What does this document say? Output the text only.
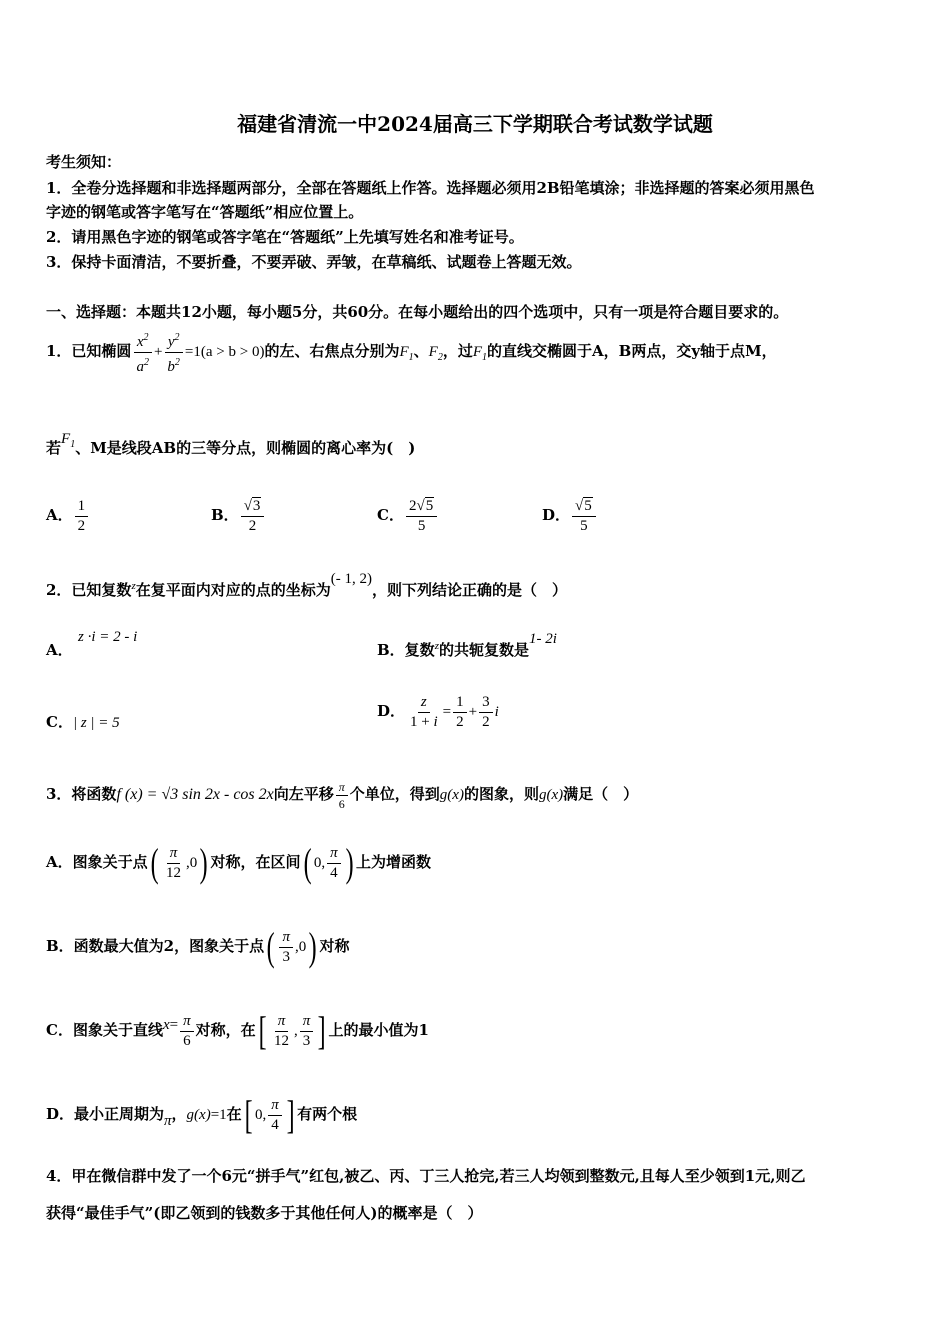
福建省清流一中2024届高三下学期联合考试数学试题
考生须知：
1．全卷分选择题和非选择题两部分，全部在答题纸上作答。选择题必须用2B铅笔填涂；非选择题的答案必须用黑色
字迹的钢笔或答字笔写在“答题纸”相应位置上。
2．请用黑色字迹的钢笔或答字笔在“答题纸”上先填写姓名和准考证号。
3．保持卡面清洁，不要折叠，不要弄破、弄皱，在草稿纸、试题卷上答题无效。
一、选择题：本题共12小题，每小题5分，共60分。在每小题给出的四个选项中，只有一项是符合题目要求的。
1．已知椭圆 $\frac{x^2}{a^2} + \frac{y^2}{b^2} =1(a > b > 0)$的左、右焦点分别为$F_1$、$F_2$，过$F_1$的直线交椭圆于A，B两点，交y轴于点M，
若$F_1$、M是线段AB的三等分点，则椭圆的离心率为(　)
A． $\frac{1}{2}$	B． $\frac{√3}{2}$	C． $\frac{2√5}{5}$	D． $\frac{√5}{5}$
2．已知复数$^z$在复平面内对应的点的坐标为(- 1, 2)，则下列结论正确的是（　）
A．
z ·i = 2 - i
B．复数$^z$的共轭复数是1- 2i
C．| z | = 5
D． $\frac{z}{1 + i} = \frac{1}{2} + \frac{3}{2}$ i
3．将函数f (x) = √3 sin 2x - cos 2x向左平移 $\frac{\pi}{6}$ 个单位，得到g(x)的图象，则g(x)满足（　）
A．图象关于点( $\frac{\pi}{12} ,0$) 对称，在区间( 0, $\frac{\pi}{4}$ ) 上为增函数
B．函数最大值为2，图象关于点( $\frac{\pi}{3} ,0$) 对称
C．图象关于直线$x= \frac{\pi}{6}$ 对称，在[ $\frac{\pi}{12}$ , $\frac{\pi}{3}$ ] 上的最小值为1
D．最小正周期为π，g(x)=1在[ 0, $\frac{\pi}{4}$ ] 有两个根
4．甲在微信群中发了一个6元“拼手气”红包,被乙、丙、丁三人抢完,若三人均领到整数元,且每人至少领到1元,则乙
获得“最佳手气”(即乙领到的钱数多于其他任何人)的概率是（　）
